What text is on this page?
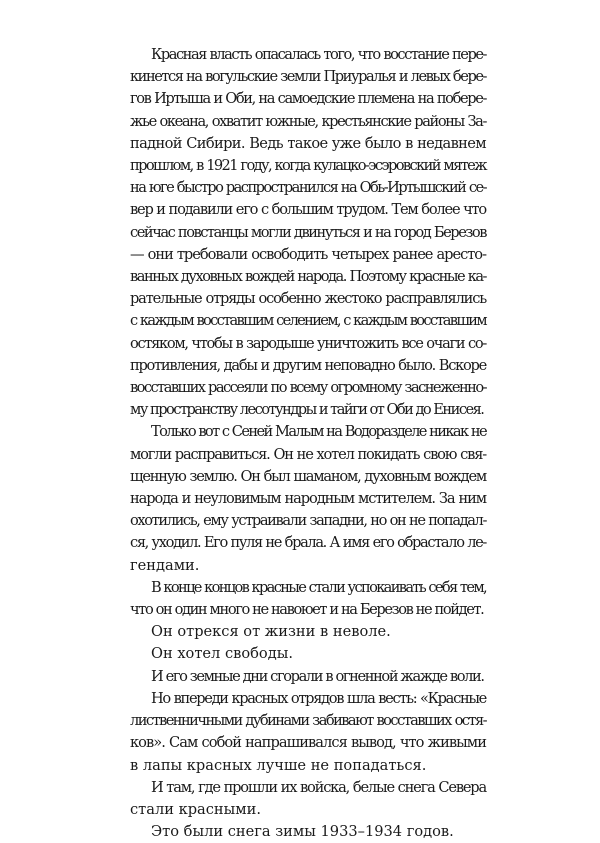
Красная власть опасалась того, что восстание пере-
кинется на вогульские земли Приуралья и левых бере-
гов Иртыша и Оби, на самоедские племена на побере-
жье океана, охватит южные, крестьянские районы За-
падной Сибири. Ведь такое уже было в недавнем
прошлом, в 1921 году, когда кулацко-эсэровский мятеж
на юге быстро распространился на Обь-Иртышский се-
вер и подавили его с большим трудом. Тем более что
сейчас повстанцы могли двинуться и на город Березов
— они требовали освободить четырех ранее аресто-
ванных духовных вождей народа. Поэтому красные ка-
рательные отряды особенно жестоко расправлялись
с каждым восставшим селением, с каждым восставшим
остяком, чтобы в зародыше уничтожить все очаги со-
противления, дабы и другим неповадно было. Вскоре
восставших рассеяли по всему огромному заснеженно-
му пространству лесотундры и тайги от Оби до Енисея.
Только вот с Сеней Малым на Водоразделе никак не
могли расправиться. Он не хотел покидать свою свя-
щенную землю. Он был шаманом, духовным вождем
народа и неуловимым народным мстителем. За ним
охотились, ему устраивали западни, но он не попадал-
ся, уходил. Его пуля не брала. А имя его обрастало ле-
гендами.
В конце концов красные стали успокаивать себя тем,
что он один много не навоюет и на Березов не пойдет.
Он отрекся от жизни в неволе.
Он хотел свободы.
И его земные дни сгорали в огненной жажде воли.
Но впереди красных отрядов шла весть: «Красные
лиственничными дубинами забивают восставших остя-
ков». Сам собой напрашивался вывод, что живыми
в лапы красных лучше не попадаться.
И там, где прошли их войска, белые снега Севера
стали красными.
Это были снега зимы 1933–1934 годов.
